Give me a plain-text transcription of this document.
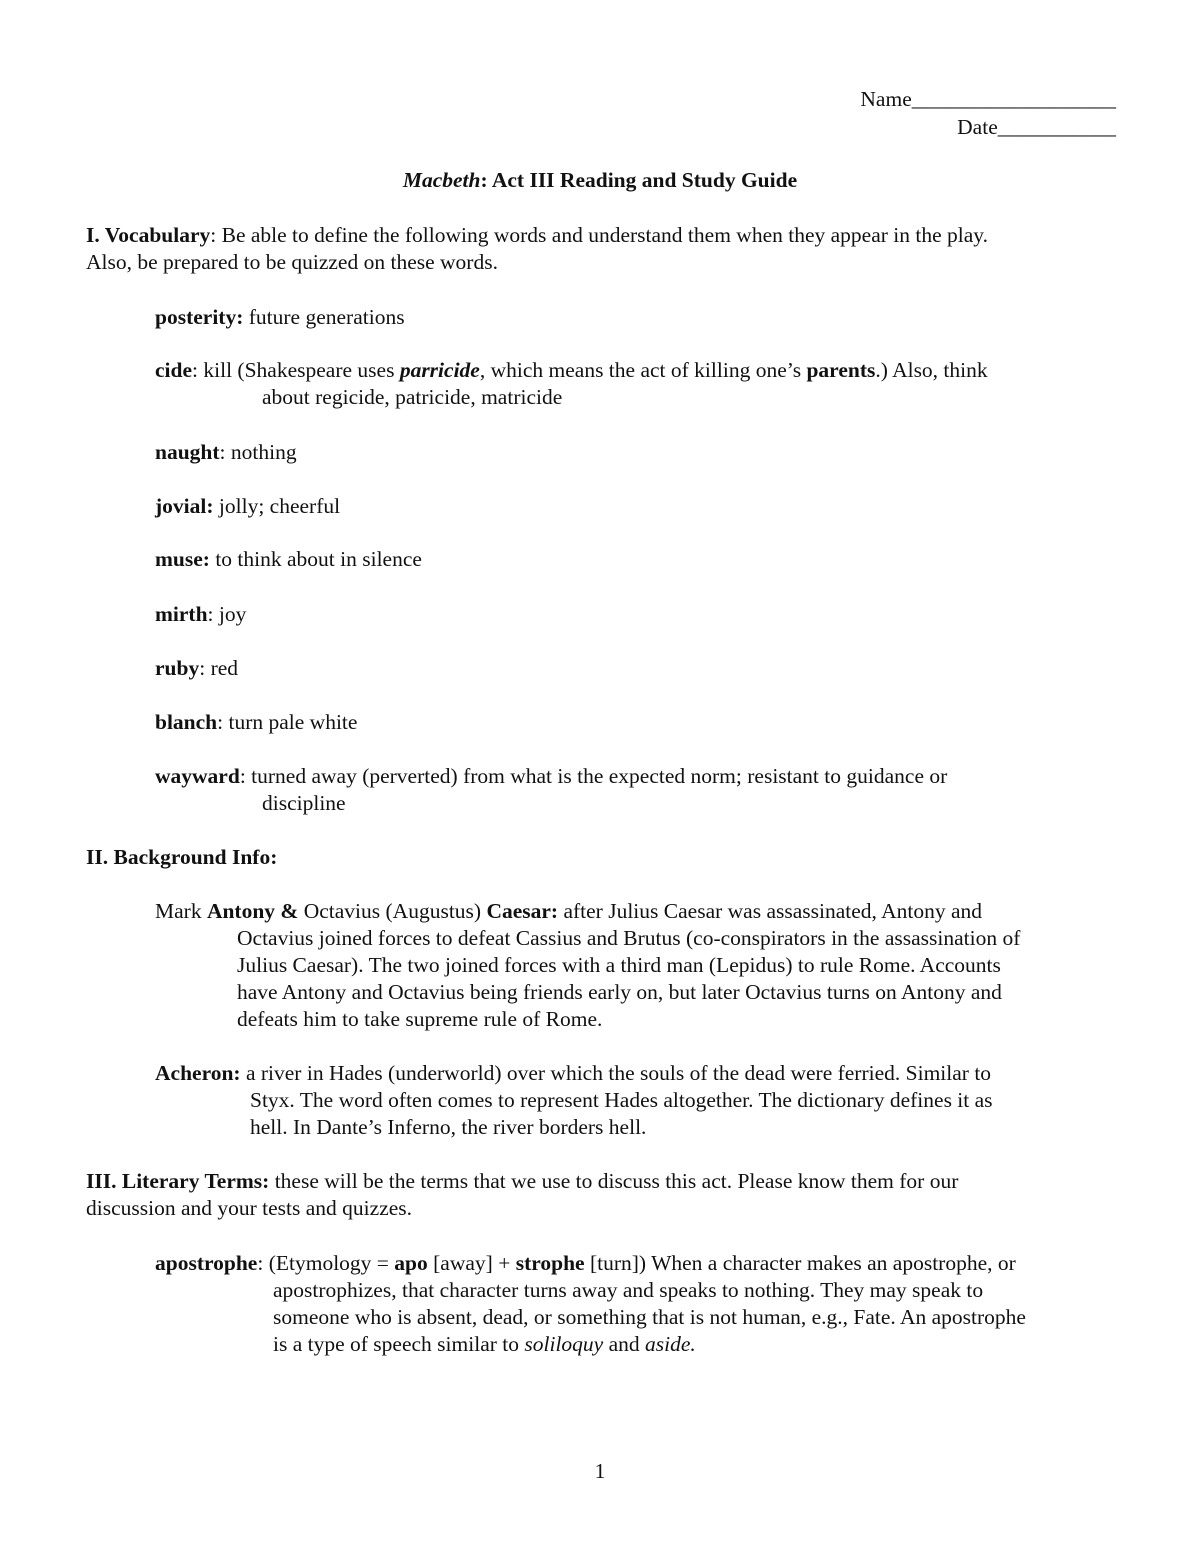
Name___________________
Date___________
Macbeth: Act III Reading and Study Guide
I. Vocabulary: Be able to define the following words and understand them when they appear in the play.
Also, be prepared to be quizzed on these words.
posterity: future generations
cide: kill (Shakespeare uses parricide, which means the act of killing one’s parents.) Also, think
about regicide, patricide, matricide
naught: nothing
jovial: jolly; cheerful
muse: to think about in silence
mirth: joy
ruby: red
blanch: turn pale white
wayward: turned away (perverted) from what is the expected norm; resistant to guidance or
discipline
II. Background Info:
Mark Antony & Octavius (Augustus) Caesar: after Julius Caesar was assassinated, Antony and
Octavius joined forces to defeat Cassius and Brutus (co-conspirators in the assassination of
Julius Caesar). The two joined forces with a third man (Lepidus) to rule Rome. Accounts
have Antony and Octavius being friends early on, but later Octavius turns on Antony and
defeats him to take supreme rule of Rome.
Acheron: a river in Hades (underworld) over which the souls of the dead were ferried. Similar to
Styx. The word often comes to represent Hades altogether. The dictionary defines it as
hell. In Dante’s Inferno, the river borders hell.
III. Literary Terms: these will be the terms that we use to discuss this act. Please know them for our
discussion and your tests and quizzes.
apostrophe: (Etymology = apo [away] + strophe [turn]) When a character makes an apostrophe, or
apostrophizes, that character turns away and speaks to nothing. They may speak to
someone who is absent, dead, or something that is not human, e.g., Fate. An apostrophe
is a type of speech similar to soliloquy and aside.
1
